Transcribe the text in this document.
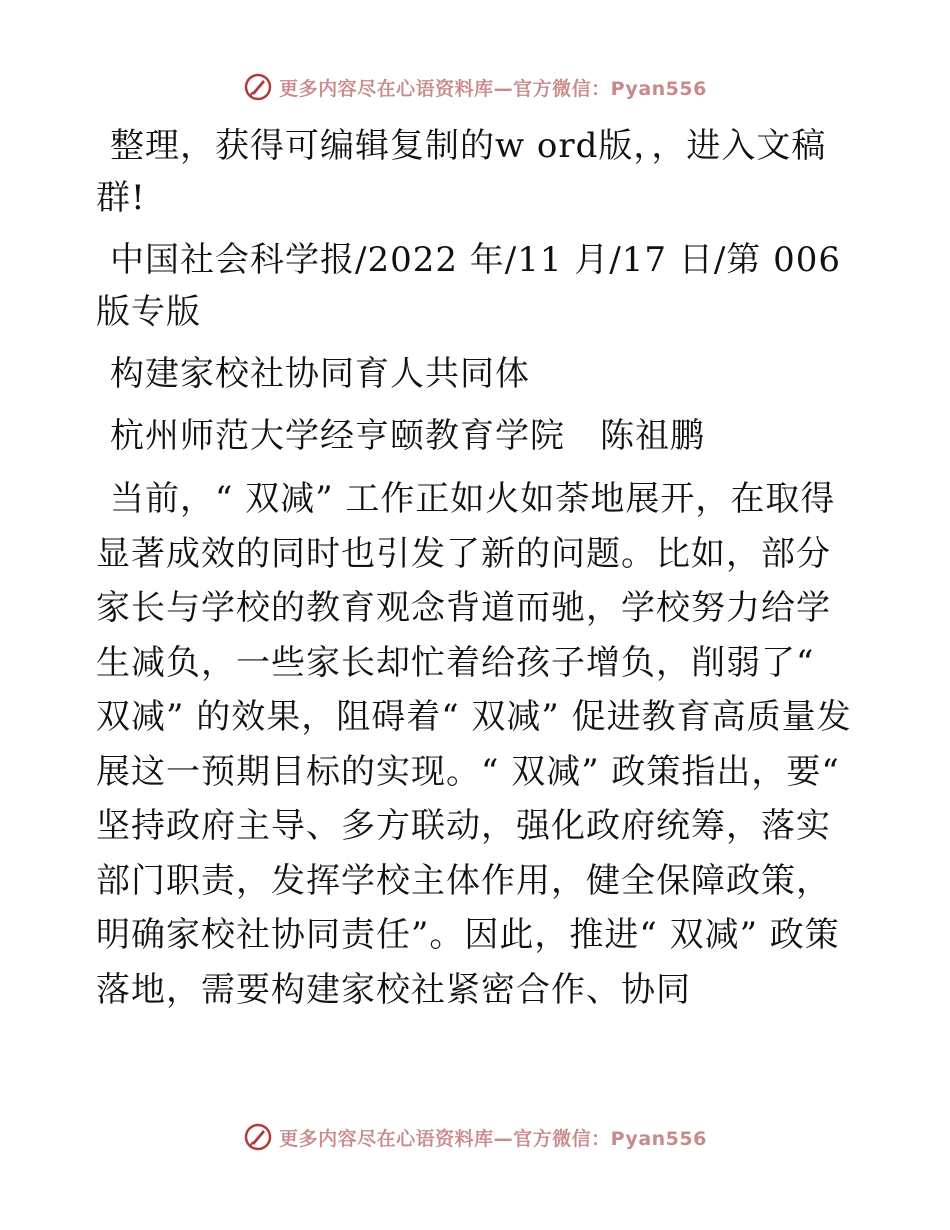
更多内容尽在心语资料库—官方微信：Pyan556

整理，获得可编辑复制的w ord版，，进入文稿群!

中国社会科学报/2022 年/11 月/17 日/第 006 版专版

构建家校社协同育人共同体

杭州师范大学经亨颐教育学院　陈祖鹏

当前，“ 双减” 工作正如火如荼地展开，在取得显著成效的同时也引发了新的问题。比如，部分家长与学校的教育观念背道而驰，学校努力给学生减负，一些家长却忙着给孩子增负，削弱了“ 双减” 的效果，阻碍着“ 双减” 促进教育高质量发展这一预期目标的实现。“ 双减” 政策指出，要“ 坚持政府主导、多方联动，强化政府统筹，落实部门职责，发挥学校主体作用，健全保障政策，明确家校社协同责任”。因此，推进“ 双减” 政策落地，需要构建家校社紧密合作、协同

更多内容尽在心语资料库—官方微信：Pyan556
